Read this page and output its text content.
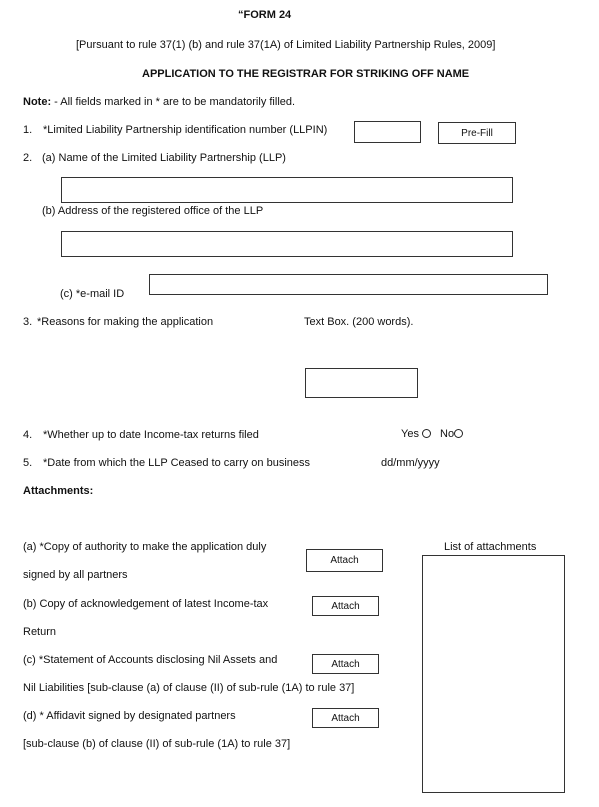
“FORM 24
[Pursuant to rule 37(1) (b) and rule 37(1A) of Limited Liability Partnership Rules, 2009]
APPLICATION TO THE REGISTRAR FOR STRIKING OFF NAME
Note: - All fields marked in * are to be mandatorily filled.
1. *Limited Liability Partnership identification number (LLPIN)	Pre-Fill
2. (a) Name of the Limited Liability Partnership (LLP)
(b) Address of the registered office of the LLP
(c) *e-mail ID
3. *Reasons for making the application	Text Box. (200 words).
4. *Whether up to date Income-tax returns filed	Yes No
5. *Date from which the LLP Ceased to carry on business	dd/mm/yyyy
Attachments:
(a) *Copy of authority to make the application duly
signed by all partners
Attach
(b) Copy of acknowledgement of latest Income-tax
Return
Attach
(c) *Statement of Accounts disclosing Nil Assets and
Nil Liabilities [sub-clause (a) of clause (II) of sub-rule (1A) to rule 37]
Attach
(d) * Affidavit signed by designated partners
[sub-clause (b) of clause (II) of sub-rule (1A) to rule 37]
Attach
List of attachments
